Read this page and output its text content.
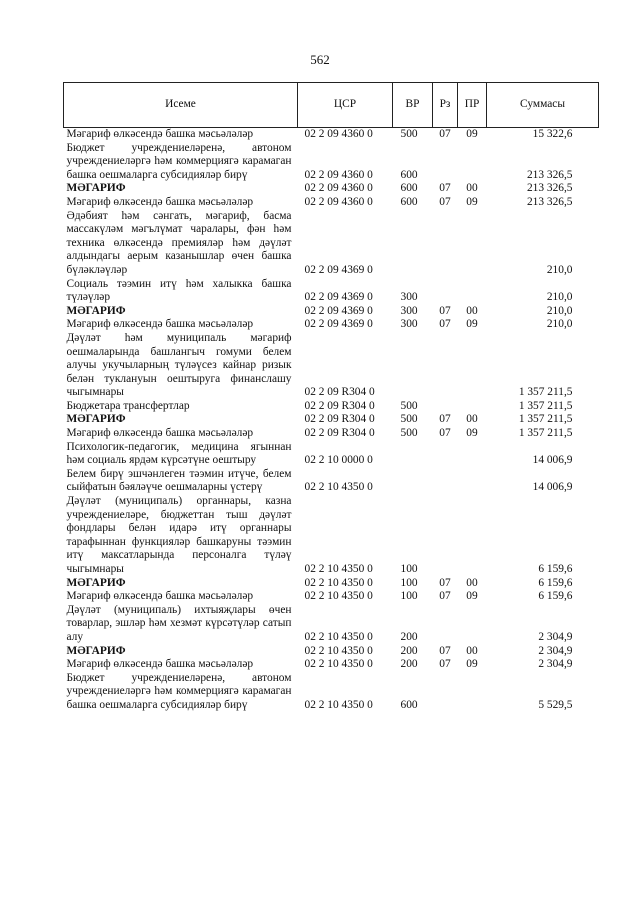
562
Исеме	ЦСР	ВР	Рз	ПР	Суммасы
Мәгариф өлкәсендә башка мәсьәләләр	02 2 09 4360 0	500	07	09	15 322,6
Бюджет учреждениеләренә, автоном учреждениеләргә һәм коммерциягә карамаган башка оешмаларга субсидияләр бирү	02 2 09 4360 0	600			213 326,5
МӘГАРИФ	02 2 09 4360 0	600	07	00	213 326,5
Мәгариф өлкәсендә башка мәсьәләләр	02 2 09 4360 0	600	07	09	213 326,5
Әдәбият һәм сәнгать, мәгариф, басма массакүләм мәгълүмат чаралары, фән һәм техника өлкәсендә премияләр һәм дәүләт алдындагы аерым казанышлар өчен башка бүләкләүләр	02 2 09 4369 0				210,0
Социаль тәэмин итү һәм халыкка башка түләүләр	02 2 09 4369 0	300			210,0
МӘГАРИФ	02 2 09 4369 0	300	07	00	210,0
Мәгариф өлкәсендә башка мәсьәләләр	02 2 09 4369 0	300	07	09	210,0
Дәүләт һәм муниципаль мәгариф оешмаларында башлангыч гомуми белем алучы укучыларның түләүсез кайнар ризык белән туклануын оештыруга финанслашу чыгымнары	02 2 09 R304 0				1 357 211,5
Бюджетара трансфертлар	02 2 09 R304 0	500			1 357 211,5
МӘГАРИФ	02 2 09 R304 0	500	07	00	1 357 211,5
Мәгариф өлкәсендә башка мәсьәләләр	02 2 09 R304 0	500	07	09	1 357 211,5
Психологик-педагогик, медицина ягыннан һәм социаль ярдәм күрсәтүне оештыру	02 2 10 0000 0				14 006,9
Белем бирү эшчәнлеген тәэмин итүче, белем сыйфатын бәяләүче оешмаларны үстерү	02 2 10 4350 0				14 006,9
Дәүләт (муниципаль) органнары, казна учреждениеләре, бюджеттан тыш дәүләт фондлары белән идарә итү органнары тарафыннан функцияләр башкаруны тәэмин итү максатларында персоналга түләү чыгымнары	02 2 10 4350 0	100			6 159,6
МӘГАРИФ	02 2 10 4350 0	100	07	00	6 159,6
Мәгариф өлкәсендә башка мәсьәләләр	02 2 10 4350 0	100	07	09	6 159,6
Дәүләт (муниципаль) ихтыяҗлары өчен товарлар, эшләр һәм хезмәт күрсәтүләр сатып алу	02 2 10 4350 0	200			2 304,9
МӘГАРИФ	02 2 10 4350 0	200	07	00	2 304,9
Мәгариф өлкәсендә башка мәсьәләләр	02 2 10 4350 0	200	07	09	2 304,9
Бюджет учреждениеләренә, автоном учреждениеләргә һәм коммерциягә карамаган башка оешмаларга субсидияләр бирү	02 2 10 4350 0	600			5 529,5
